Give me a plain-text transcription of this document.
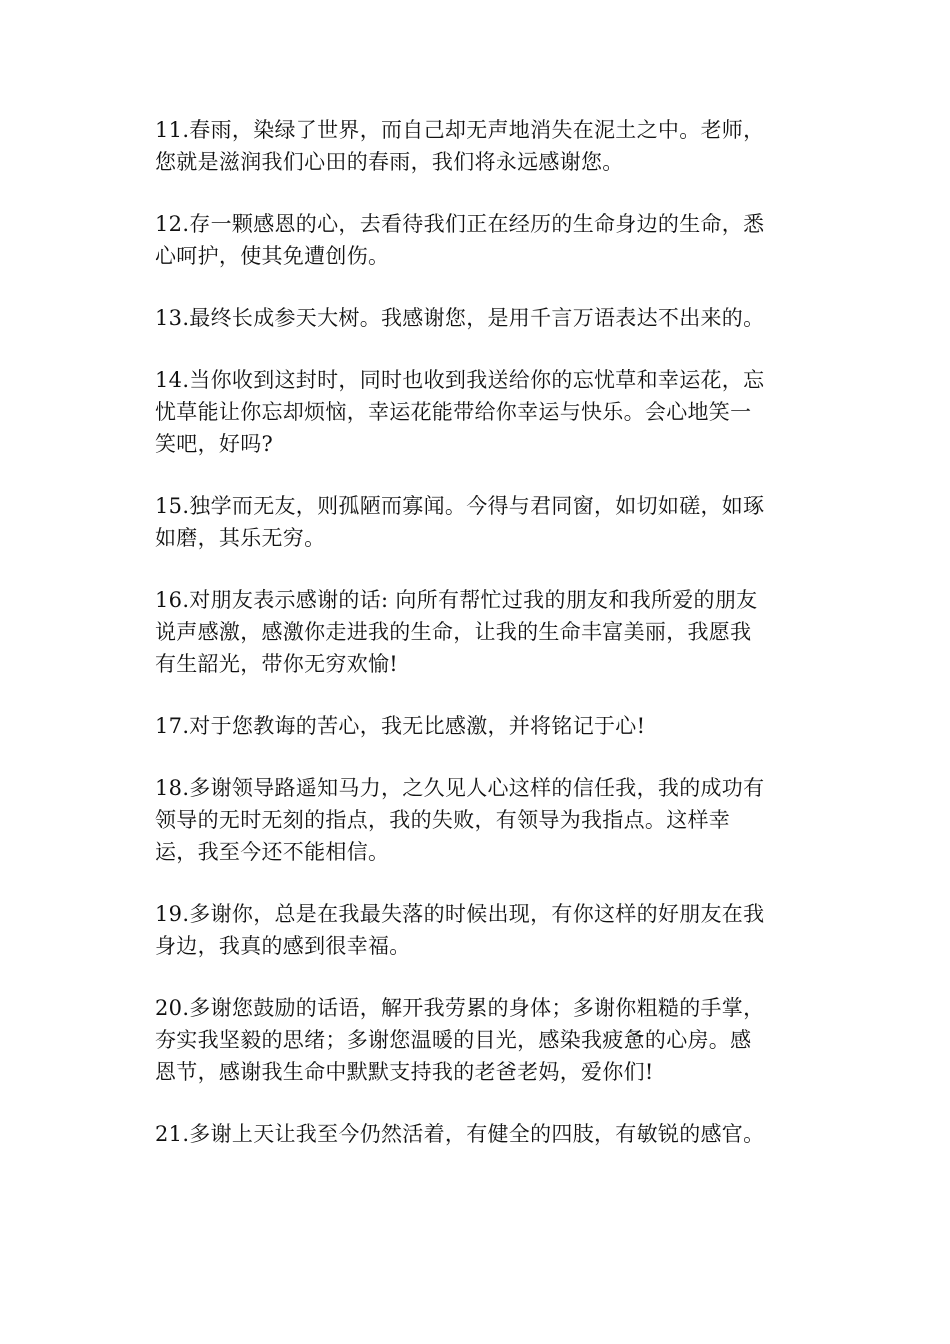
11.春雨，染绿了世界，而自己却无声地消失在泥土之中。老师，
您就是滋润我们心田的春雨，我们将永远感谢您。

12.存一颗感恩的心，去看待我们正在经历的生命身边的生命，悉
心呵护，使其免遭创伤。

13.最终长成参天大树。我感谢您，是用千言万语表达不出来的。

14.当你收到这封时，同时也收到我送给你的忘忧草和幸运花，忘
忧草能让你忘却烦恼，幸运花能带给你幸运与快乐。会心地笑一
笑吧，好吗?

15.独学而无友，则孤陋而寡闻。今得与君同窗，如切如磋，如琢
如磨，其乐无穷。

16.对朋友表示感谢的话: 向所有帮忙过我的朋友和我所爱的朋友
说声感激，感激你走进我的生命，让我的生命丰富美丽，我愿我
有生韶光，带你无穷欢愉!

17.对于您教诲的苦心，我无比感激，并将铭记于心!

18.多谢领导路遥知马力，之久见人心这样的信任我，我的成功有
领导的无时无刻的指点，我的失败，有领导为我指点。这样幸
运，我至今还不能相信。

19.多谢你，总是在我最失落的时候出现，有你这样的好朋友在我
身边，我真的感到很幸福。

20.多谢您鼓励的话语，解开我劳累的身体；多谢你粗糙的手掌，
夯实我坚毅的思绪；多谢您温暖的目光，感染我疲惫的心房。感
恩节，感谢我生命中默默支持我的老爸老妈，爱你们!

21.多谢上天让我至今仍然活着，有健全的四肢，有敏锐的感官。
